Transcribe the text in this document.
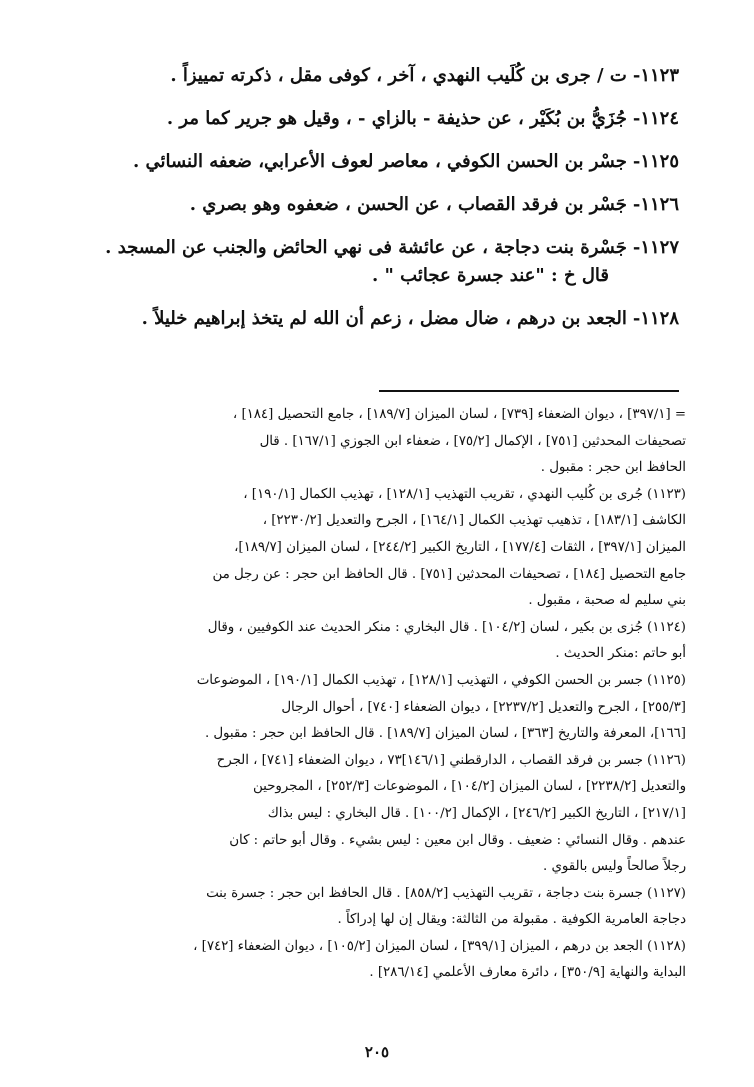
١١٢٣-ت / جرى بن كُلَيب النهدي ، آخر ، كوفى مقل ، ذكرته تمييزاً .
١١٢٤-جُزَيُّ بن بُكَيْر ، عن حذيفة - بالزاي - ، وقيل هو جرير كما مر .
١١٢٥-جسْر بن الحسن الكوفي ، معاصر لعوف الأعرابي، ضعفه النسائي .
١١٢٦-جَسْر بن فرقد القصاب ، عن الحسن ، ضعفوه وهو بصري .
١١٢٧-جَسْرة بنت دجاجة ، عن عائشة فى نهي الحائض والجنب عن المسجد .
قال خ : "عند جسرة عجائب " .
١١٢٨-الجعد بن درهم ، ضال مضل ، زعم أن الله لم يتخذ إبراهيم خليلاً .
= [٣٩٧/١] ، ديوان الضعفاء [٧٣٩] ، لسان الميزان [١٨٩/٧] ، جامع التحصيل [١٨٤] ،
تصحيفات المحدثين [٧٥١] ، الإكمال [٧٥/٢] ، ضعفاء ابن الجوزي [١٦٧/١] . قال
الحافظ ابن حجر : مقبول .
(١١٢٣) جُرى بن كُليب النهدي ، تقريب التهذيب [١٢٨/١] ، تهذيب الكمال [١٩٠/١] ،
الكاشف [١٨٣/١] ، تذهيب تهذيب الكمال [١٦٤/١] ، الجرح والتعديل [٢٢٣٠/٢] ،
الميزان [٣٩٧/١] ، الثقات [١٧٧/٤] ، التاريخ الكبير [٢٤٤/٢] ، لسان الميزان [١٨٩/٧]،
جامع التحصيل [١٨٤] ، تصحيفات المحدثين [٧٥١] . قال الحافظ ابن حجر : عن رجل من
بني سليم له صحبة ، مقبول .
(١١٢٤) جُزى بن بكير ، لسان [١٠٤/٢] . قال البخاري : منكر الحديث عند الكوفيين ، وقال
أبو حاتم :منكر الحديث .
(١١٢٥) جسر بن الحسن الكوفي ، التهذيب [١٢٨/١] ، تهذيب الكمال [١٩٠/١] ، الموضوعات
[٢٥٥/٣] ، الجرح والتعديل [٢٢٣٧/٢] ، ديوان الضعفاء [٧٤٠] ، أحوال الرجال
[١٦٦]، المعرفة والتاريخ [٣٦٣] ، لسان الميزان [١٨٩/٧] . قال الحافظ ابن حجر : مقبول .
(١١٢٦) جسر بن فرقد القصاب ، الدارقطني [١٤٦/١]٧٣ ، ديوان الضعفاء [٧٤١] ، الجرح
والتعديل [٢٢٣٨/٢] ، لسان الميزان [١٠٤/٢] ، الموضوعات [٢٥٢/٣] ، المجروحين
[٢١٧/١] ، التاريخ الكبير [٢٤٦/٢] ، الإكمال [١٠٠/٢] . قال البخاري : ليس بذاك
عندهم . وقال النسائي : ضعيف . وقال ابن معين : ليس بشيء . وقال أبو حاتم : كان
رجلاً صالحاً وليس بالقوي .
(١١٢٧) جسرة بنت دجاجة ، تقريب التهذيب [٨٥٨/٢] . قال الحافظ ابن حجر : جسرة بنت
دجاجة العامرية الكوفية . مقبولة من الثالثة: ويقال إن لها إدراكاً .
(١١٢٨) الجعد بن درهم ، الميزان [٣٩٩/١] ، لسان الميزان [١٠٥/٢] ، ديوان الضعفاء [٧٤٢] ،
البداية والنهاية [٣٥٠/٩] ، دائرة معارف الأعلمي [٢٨٦/١٤] .
٢٠٥
